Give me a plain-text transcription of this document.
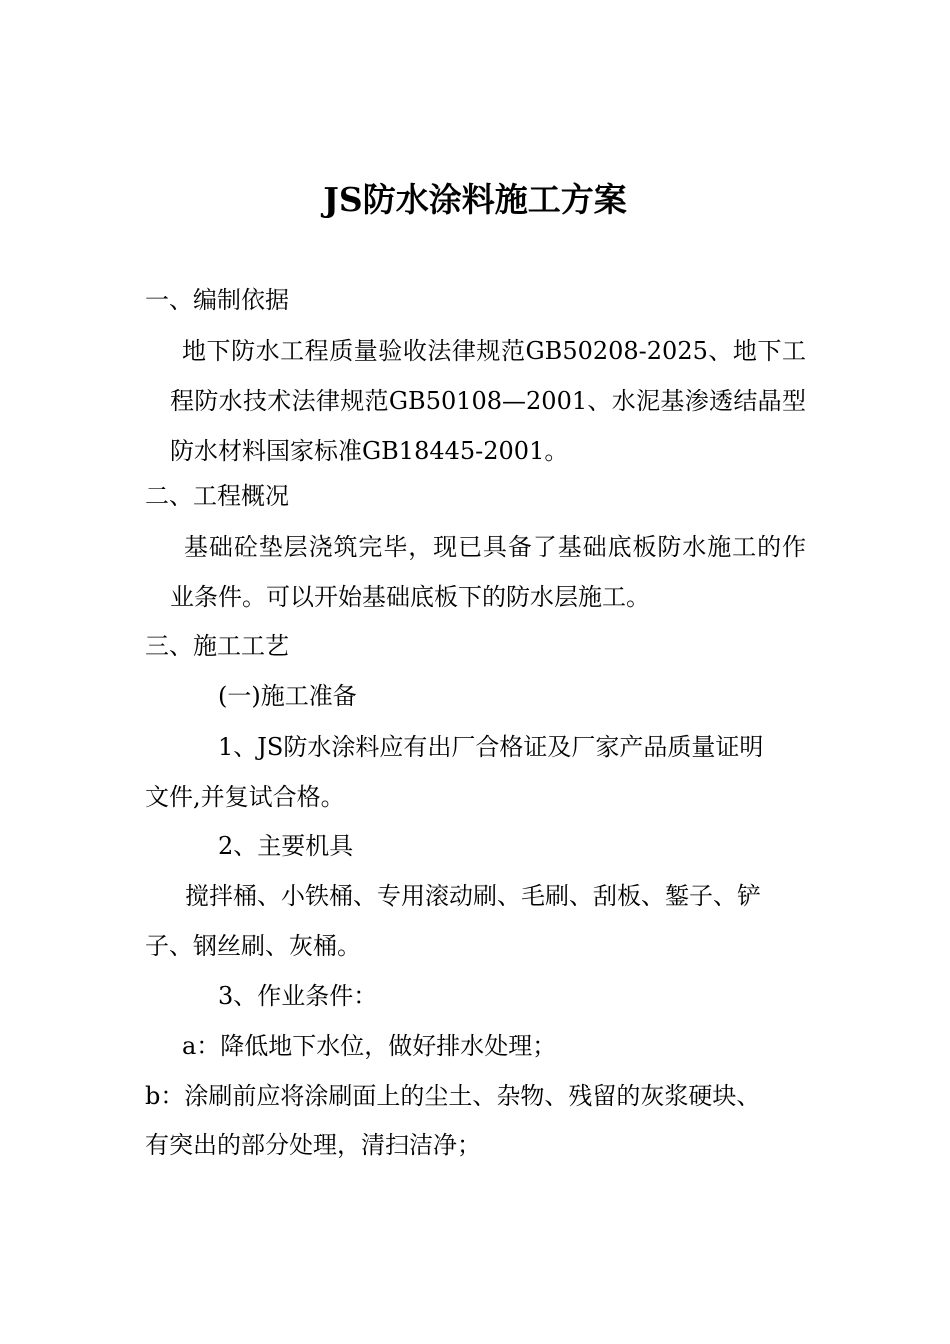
JS防水涂料施工方案
一、编制依据
地下防水工程质量验收法律规范GB50208-2025、地下工程防水技术法律规范GB50108—2001、水泥基渗透结晶型防水材料国家标准GB18445-2001。
二、工程概况
基础砼垫层浇筑完毕，现已具备了基础底板防水施工的作业条件。可以开始基础底板下的防水层施工。
三、施工工艺
(一)施工准备
1、JS防水涂料应有出厂合格证及厂家产品质量证明
文件,并复试合格。
2、主要机具
搅拌桶、小铁桶、专用滚动刷、毛刷、刮板、錾子、铲
子、钢丝刷、灰桶。
3、作业条件：
a：降低地下水位，做好排水处理；
b：涂刷前应将涂刷面上的尘土、杂物、残留的灰浆硬块、
有突出的部分处理，清扫洁净；
